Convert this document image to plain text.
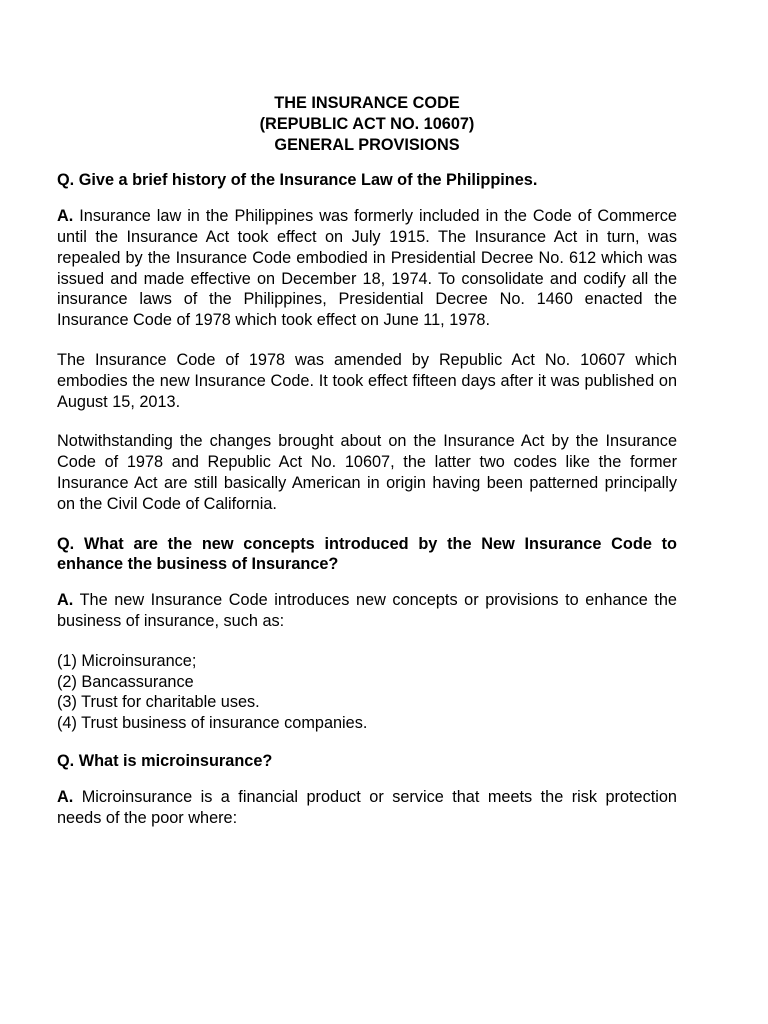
THE INSURANCE CODE
(REPUBLIC ACT NO. 10607)
GENERAL PROVISIONS

Q. Give a brief history of the Insurance Law of the Philippines.

A. Insurance law in the Philippines was formerly included in the Code of Commerce until the Insurance Act took effect on July 1915. The Insurance Act in turn, was repealed by the Insurance Code embodied in Presidential Decree No. 612 which was issued and made effective on December 18, 1974. To consolidate and codify all the insurance laws of the Philippines, Presidential Decree No. 1460 enacted the Insurance Code of 1978 which took effect on June 11, 1978.

The Insurance Code of 1978 was amended by Republic Act No. 10607 which embodies the new Insurance Code. It took effect fifteen days after it was published on August 15, 2013.

Notwithstanding the changes brought about on the Insurance Act by the Insurance Code of 1978 and Republic Act No. 10607, the latter two codes like the former Insurance Act are still basically American in origin having been patterned principally on the Civil Code of California.

Q. What are the new concepts introduced by the New Insurance Code to enhance the business of Insurance?

A. The new Insurance Code introduces new concepts or provisions to enhance the business of insurance, such as:

(1) Microinsurance;
(2) Bancassurance
(3) Trust for charitable uses.
(4) Trust business of insurance companies.

Q. What is microinsurance?

A. Microinsurance is a financial product or service that meets the risk protection needs of the poor where:
